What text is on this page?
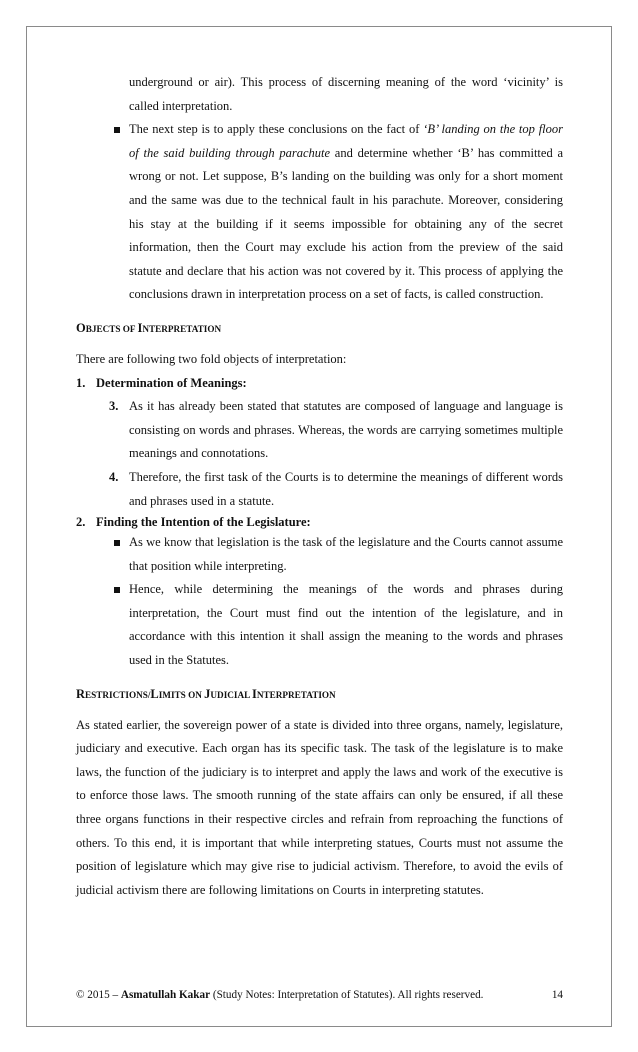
underground or air). This process of discerning meaning of the word ‘vicinity’ is called interpretation.
The next step is to apply these conclusions on the fact of ‘B’ landing on the top floor of the said building through parachute and determine whether ‘B’ has committed a wrong or not. Let suppose, B’s landing on the building was only for a short moment and the same was due to the technical fault in his parachute. Moreover, considering his stay at the building if it seems impossible for obtaining any of the secret information, then the Court may exclude his action from the preview of the said statute and declare that his action was not covered by it. This process of applying the conclusions drawn in interpretation process on a set of facts, is called construction.
OBJECTS OF INTERPRETATION
There are following two fold objects of interpretation:
1. Determination of Meanings:
3. As it has already been stated that statutes are composed of language and language is consisting on words and phrases. Whereas, the words are carrying sometimes multiple meanings and connotations.
4. Therefore, the first task of the Courts is to determine the meanings of different words and phrases used in a statute.
2. Finding the Intention of the Legislature:
As we know that legislation is the task of the legislature and the Courts cannot assume that position while interpreting.
Hence, while determining the meanings of the words and phrases during interpretation, the Court must find out the intention of the legislature, and in accordance with this intention it shall assign the meaning to the words and phrases used in the Statutes.
RESTRICTIONS/LIMITS ON JUDICIAL INTERPRETATION
As stated earlier, the sovereign power of a state is divided into three organs, namely, legislature, judiciary and executive. Each organ has its specific task. The task of the legislature is to make laws, the function of the judiciary is to interpret and apply the laws and work of the executive is to enforce those laws. The smooth running of the state affairs can only be ensured, if all these three organs functions in their respective circles and refrain from reproaching the functions of others. To this end, it is important that while interpreting statues, Courts must not assume the position of legislature which may give rise to judicial activism. Therefore, to avoid the evils of judicial activism there are following limitations on Courts in interpreting statutes.
© 2015 – Asmatullah Kakar (Study Notes: Interpretation of Statutes). All rights reserved.	14
